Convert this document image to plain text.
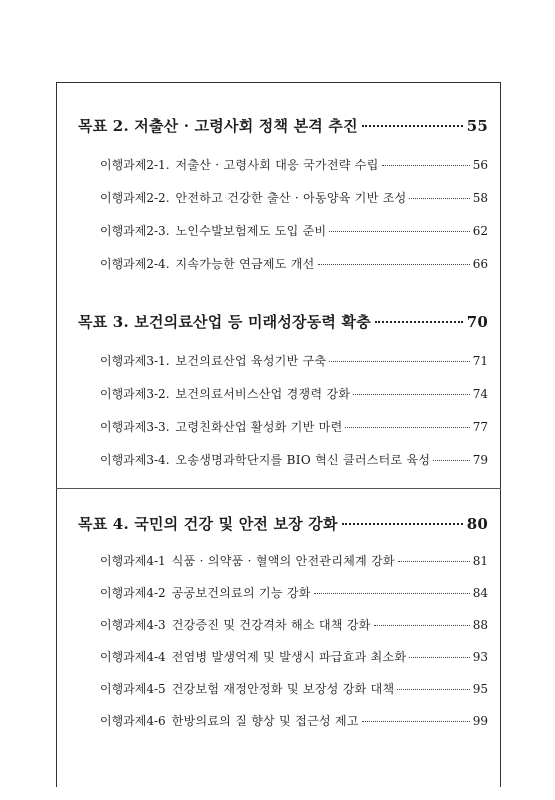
목표 2. 저출산 · 고령사회 정책 본격 추진	55
이행과제2-1. 저출산 · 고령사회 대응 국가전략 수립	56
이행과제2-2. 안전하고 건강한 출산 · 아동양육 기반 조성	58
이행과제2-3. 노인수발보험제도 도입 준비	62
이행과제2-4. 지속가능한 연금제도 개선	66
목표 3. 보건의료산업 등 미래성장동력 확충	70
이행과제3-1. 보건의료산업 육성기반 구축	71
이행과제3-2. 보건의료서비스산업 경쟁력 강화	74
이행과제3-3. 고령친화산업 활성화 기반 마련	77
이행과제3-4. 오송생명과학단지를 BIO 혁신 클러스터로 육성	79
목표 4. 국민의 건강 및 안전 보장 강화	80
이행과제4-1 식품 · 의약품 · 혈액의 안전관리체계 강화	81
이행과제4-2 공공보건의료의 기능 강화	84
이행과제4-3 건강증진 및 건강격차 해소 대책 강화	88
이행과제4-4 전염병 발생억제 및 발생시 파급효과 최소화	93
이행과제4-5 건강보험 재정안정화 및 보장성 강화 대책	95
이행과제4-6 한방의료의 질 향상 및 접근성 제고	99
